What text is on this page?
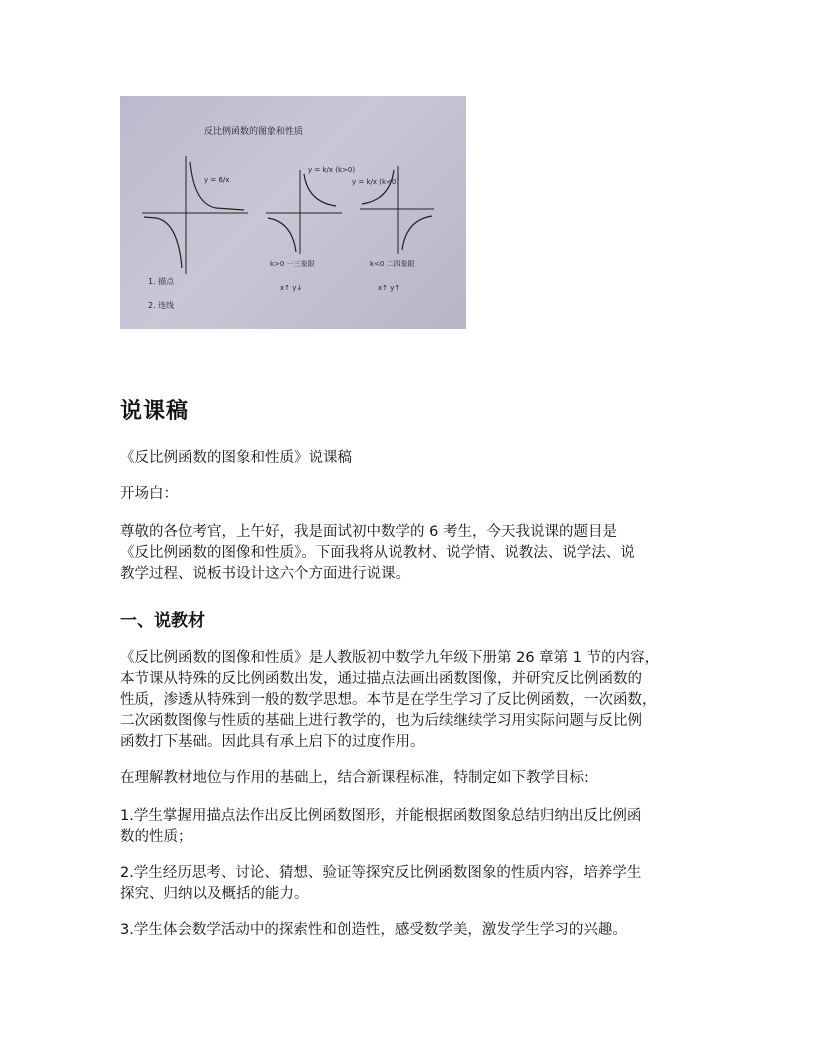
反比例函数的图象和性质
y = 6/x
y = k/x (k>0)
k>0 一三象限
x↑ y↓
y = k/x (k<0)
k<0 二四象限
x↑ y↑
1. 描点
2. 连线
说课稿

《反比例函数的图象和性质》说课稿

开场白：

尊敬的各位考官，上午好，我是面试初中数学的 6 考生，今天我说课的题目是

《反比例函数的图像和性质》。下面我将从说教材、说学情、说教法、说学法、说

教学过程、说板书设计这六个方面进行说课。

一、说教材

《反比例函数的图像和性质》是人教版初中数学九年级下册第 26 章第 1 节的内容，

本节课从特殊的反比例函数出发，通过描点法画出函数图像，并研究反比例函数的

性质，渗透从特殊到一般的数学思想。本节是在学生学习了反比例函数，一次函数，

二次函数图像与性质的基础上进行教学的，也为后续继续学习用实际问题与反比例

函数打下基础。因此具有承上启下的过度作用。

在理解教材地位与作用的基础上，结合新课程标准，特制定如下教学目标:

1.学生掌握用描点法作出反比例函数图形，并能根据函数图象总结归纳出反比例函

数的性质；

2.学生经历思考、讨论、猜想、验证等探究反比例函数图象的性质内容，培养学生

探究、归纳以及概括的能力。

3.学生体会数学活动中的探索性和创造性，感受数学美，激发学生学习的兴趣。
